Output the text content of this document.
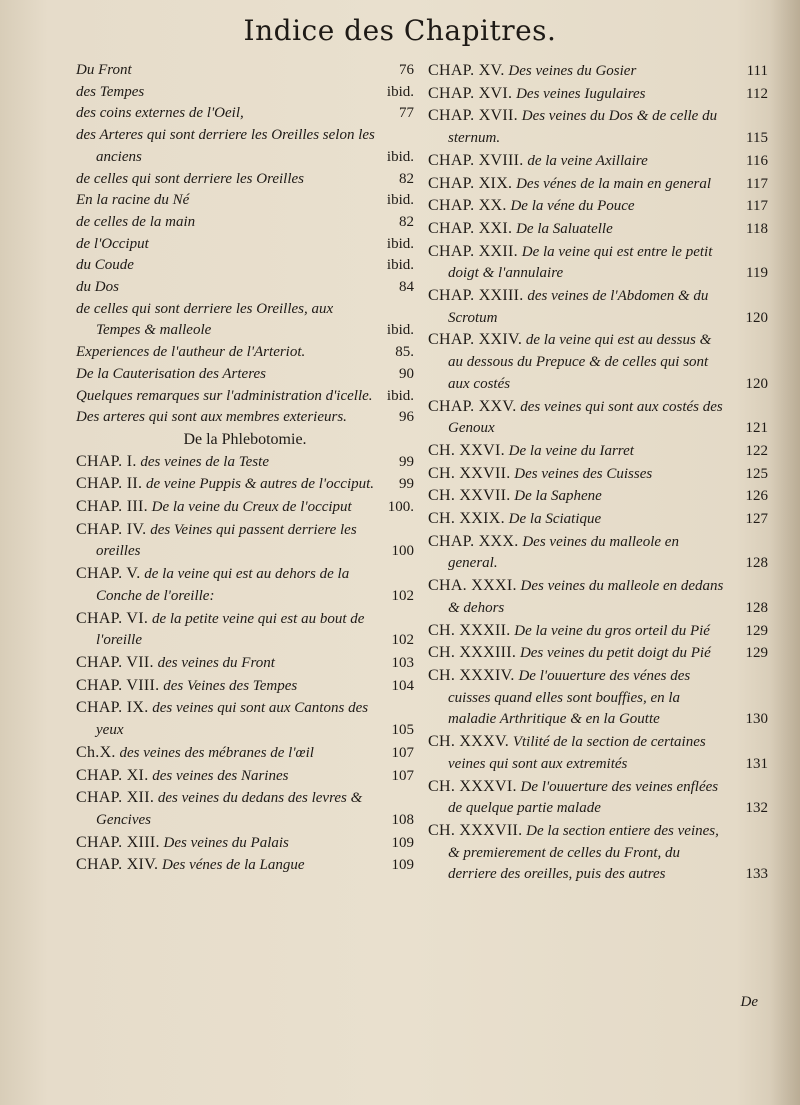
Indice des Chapitres.
Du Front	76
des Tempes	ibid.
des coins externes de l'Oeil,	77
des Arteres qui sont derriere les Oreilles selon les anciens	ibid.
de celles qui sont derriere les Oreilles	82
En la racine du Né	ibid.
de celles de la main	82
de l'Occiput	ibid.
du Coude	ibid.
du Dos	84
de celles qui sont derriere les Oreilles, aux Tempes & malleole	ibid.
Experiences de l'autheur de l'Arteriot.	85.
De la Cauterisation des Arteres	90
Quelques remarques sur l'administration d'icelle. ibid.
Des arteres qui sont aux membres exterieurs.	96
De la Phlebotomie.
CHAP. I. des veines de la Teste	99
CHAP. II. de veine Puppis & autres de l'occiput. 99
CHAP. III. De la veine du Creux de l'occiput 100.
CHAP. IV. des Veines qui passent derriere les oreilles	100
CHAP. V. de la veine qui est au dehors de la Conche de l'oreille:	102
CHAP. VI. de la petite veine qui est au bout de l'oreille	102
CHAP. VII. des veines du Front	103
CHAP. VIII. des Veines des Tempes	104
CHAP. IX. des veines qui sont aux Cantons des yeux	105
Ch.X. des veines des mébranes de l'œil	107
CHAP. XI. des veines des Narines	107
CHAP. XII. des veines du dedans des levres & Gencives	108
CHAP. XIII. Des veines du Palais	109
CHAP. XIV. Des vénes de la Langue	109
CHAP. XV. Des veines du Gosier	111
CHAP. XVI. Des veines Iugulaires	112
CHAP. XVII. Des veines du Dos & de celle du sternum.	115
CHAP. XVIII. de la veine Axillaire	116
CHAP. XIX. Des vénes de la main en general 117
CHAP. XX. De la véne du Pouce	117
CHAP. XXI. De la Saluatelle	118
CHAP. XXII. De la veine qui est entre le petit doigt & l'annulaire	119
CHAP. XXIII. des veines de l'Abdomen & du Scrotum	120
CHAP. XXIV. de la veine qui est au dessus & au dessous du Prepuce & de celles qui sont aux costés	120
CHAP. XXV. des veines qui sont aux costés des Genoux	121
CH. XXVI. De la veine du Iarret	122
CH. XXVII. Des veines des Cuisses	125
CH. XXVII. De la Saphene	126
CH. XXIX. De la Sciatique	127
CHAP. XXX. Des veines du malleole en general.	128
CHA. XXXI. Des veines du malleole en dedans & dehors	128
CH. XXXII. De la veine du gros orteil du Pié 129
CH. XXXIII. Des veines du petit doigt du Pié 129
CH. XXXIV. De l'ouuerture des vénes des cuisses quand elles sont bouffies, en la maladie Arthritique & en la Goutte	130
CH. XXXV. Vtilité de la section de certaines veines qui sont aux extremités	131
CH. XXXVI. De l'ouuerture des veines enflées de quelque partie malade	132
CH. XXXVII. De la section entiere des veines, & premierement de celles du Front, du derriere des oreilles, puis des autres	133
De
